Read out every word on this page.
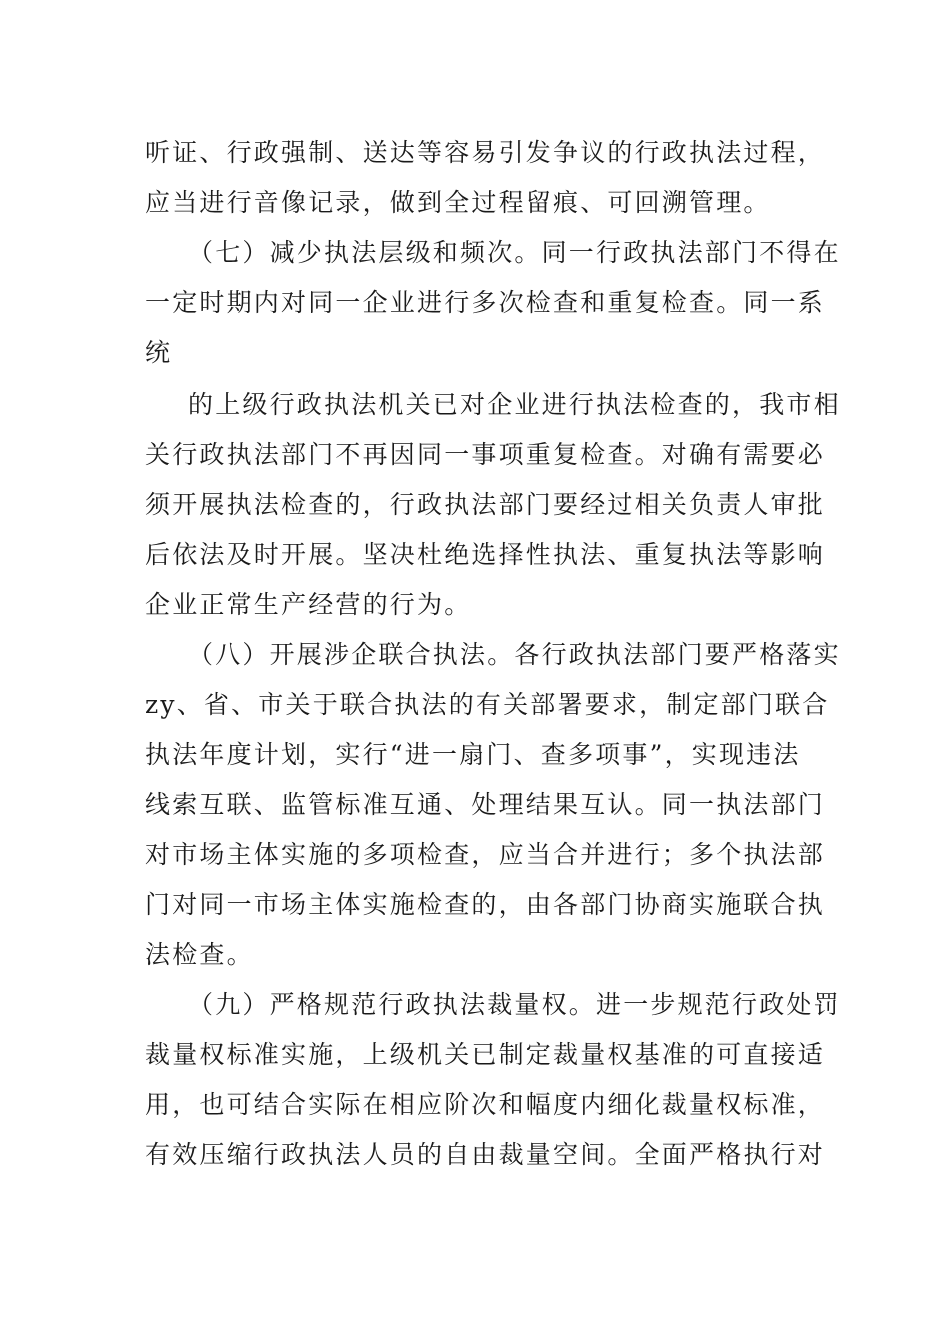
听证、行政强制、送达等容易引发争议的行政执法过程，
应当进行音像记录，做到全过程留痕、可回溯管理。
（七）减少执法层级和频次。同一行政执法部门不得在
一定时期内对同一企业进行多次检查和重复检查。同一系
统
的上级行政执法机关已对企业进行执法检查的，我市相
关行政执法部门不再因同一事项重复检查。对确有需要必
须开展执法检查的，行政执法部门要经过相关负责人审批
后依法及时开展。坚决杜绝选择性执法、重复执法等影响
企业正常生产经营的行为。
（八）开展涉企联合执法。各行政执法部门要严格落实
zy、省、市关于联合执法的有关部署要求，制定部门联合
执法年度计划，实行“进一扇门、查多项事”，实现违法
线索互联、监管标准互通、处理结果互认。同一执法部门
对市场主体实施的多项检查，应当合并进行；多个执法部
门对同一市场主体实施检查的，由各部门协商实施联合执
法检查。
（九）严格规范行政执法裁量权。进一步规范行政处罚
裁量权标准实施，上级机关已制定裁量权基准的可直接适
用，也可结合实际在相应阶次和幅度内细化裁量权标准，
有效压缩行政执法人员的自由裁量空间。全面严格执行对
